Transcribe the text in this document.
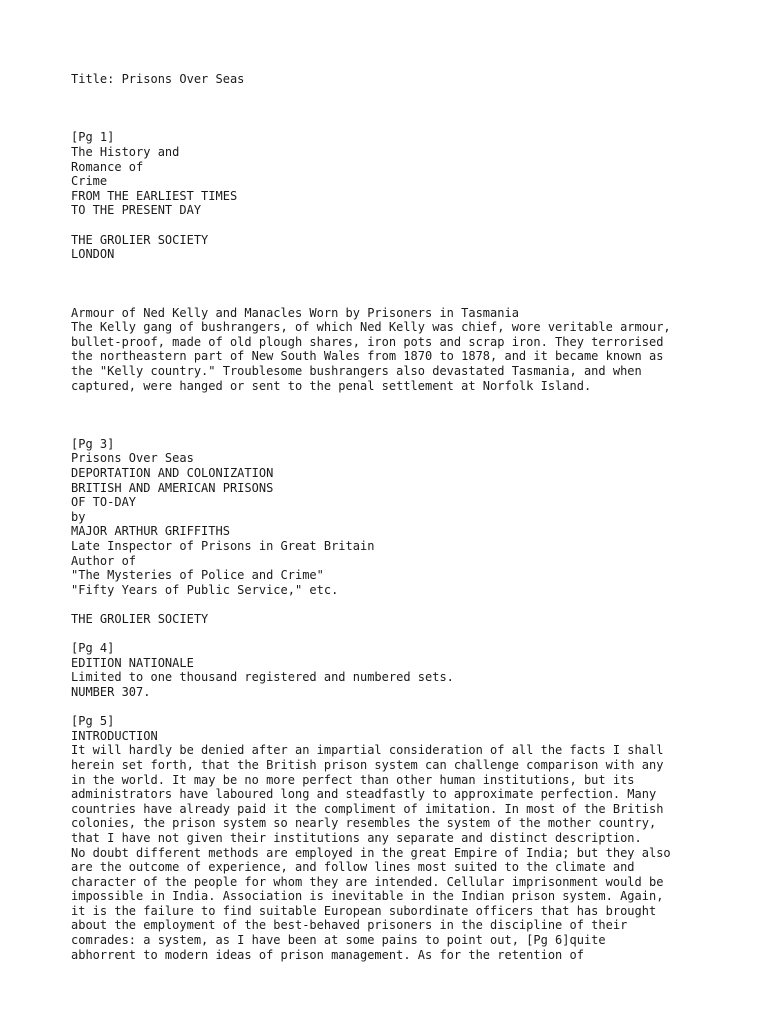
Title: Prisons Over Seas
[Pg 1]
The History and
Romance of
Crime
FROM THE EARLIEST TIMES
TO THE PRESENT DAY
THE GROLIER SOCIETY
LONDON
Armour of Ned Kelly and Manacles Worn by Prisoners in Tasmania
The Kelly gang of bushrangers, of which Ned Kelly was chief, wore veritable armour,
bullet-proof, made of old plough shares, iron pots and scrap iron. They terrorised
the northeastern part of New South Wales from 1870 to 1878, and it became known as
the "Kelly country." Troublesome bushrangers also devastated Tasmania, and when
captured, were hanged or sent to the penal settlement at Norfolk Island.
[Pg 3]
Prisons Over Seas
DEPORTATION AND COLONIZATION
BRITISH AND AMERICAN PRISONS
OF TO-DAY
by
MAJOR ARTHUR GRIFFITHS
Late Inspector of Prisons in Great Britain
Author of
"The Mysteries of Police and Crime"
"Fifty Years of Public Service," etc.
THE GROLIER SOCIETY
[Pg 4]
EDITION NATIONALE
Limited to one thousand registered and numbered sets.
NUMBER 307.
[Pg 5]
INTRODUCTION
It will hardly be denied after an impartial consideration of all the facts I shall
herein set forth, that the British prison system can challenge comparison with any
in the world. It may be no more perfect than other human institutions, but its
administrators have laboured long and steadfastly to approximate perfection. Many
countries have already paid it the compliment of imitation. In most of the British
colonies, the prison system so nearly resembles the system of the mother country,
that I have not given their institutions any separate and distinct description.
No doubt different methods are employed in the great Empire of India; but they also
are the outcome of experience, and follow lines most suited to the climate and
character of the people for whom they are intended. Cellular imprisonment would be
impossible in India. Association is inevitable in the Indian prison system. Again,
it is the failure to find suitable European subordinate officers that has brought
about the employment of the best-behaved prisoners in the discipline of their
comrades: a system, as I have been at some pains to point out, [Pg 6]quite
abhorrent to modern ideas of prison management. As for the retention of
